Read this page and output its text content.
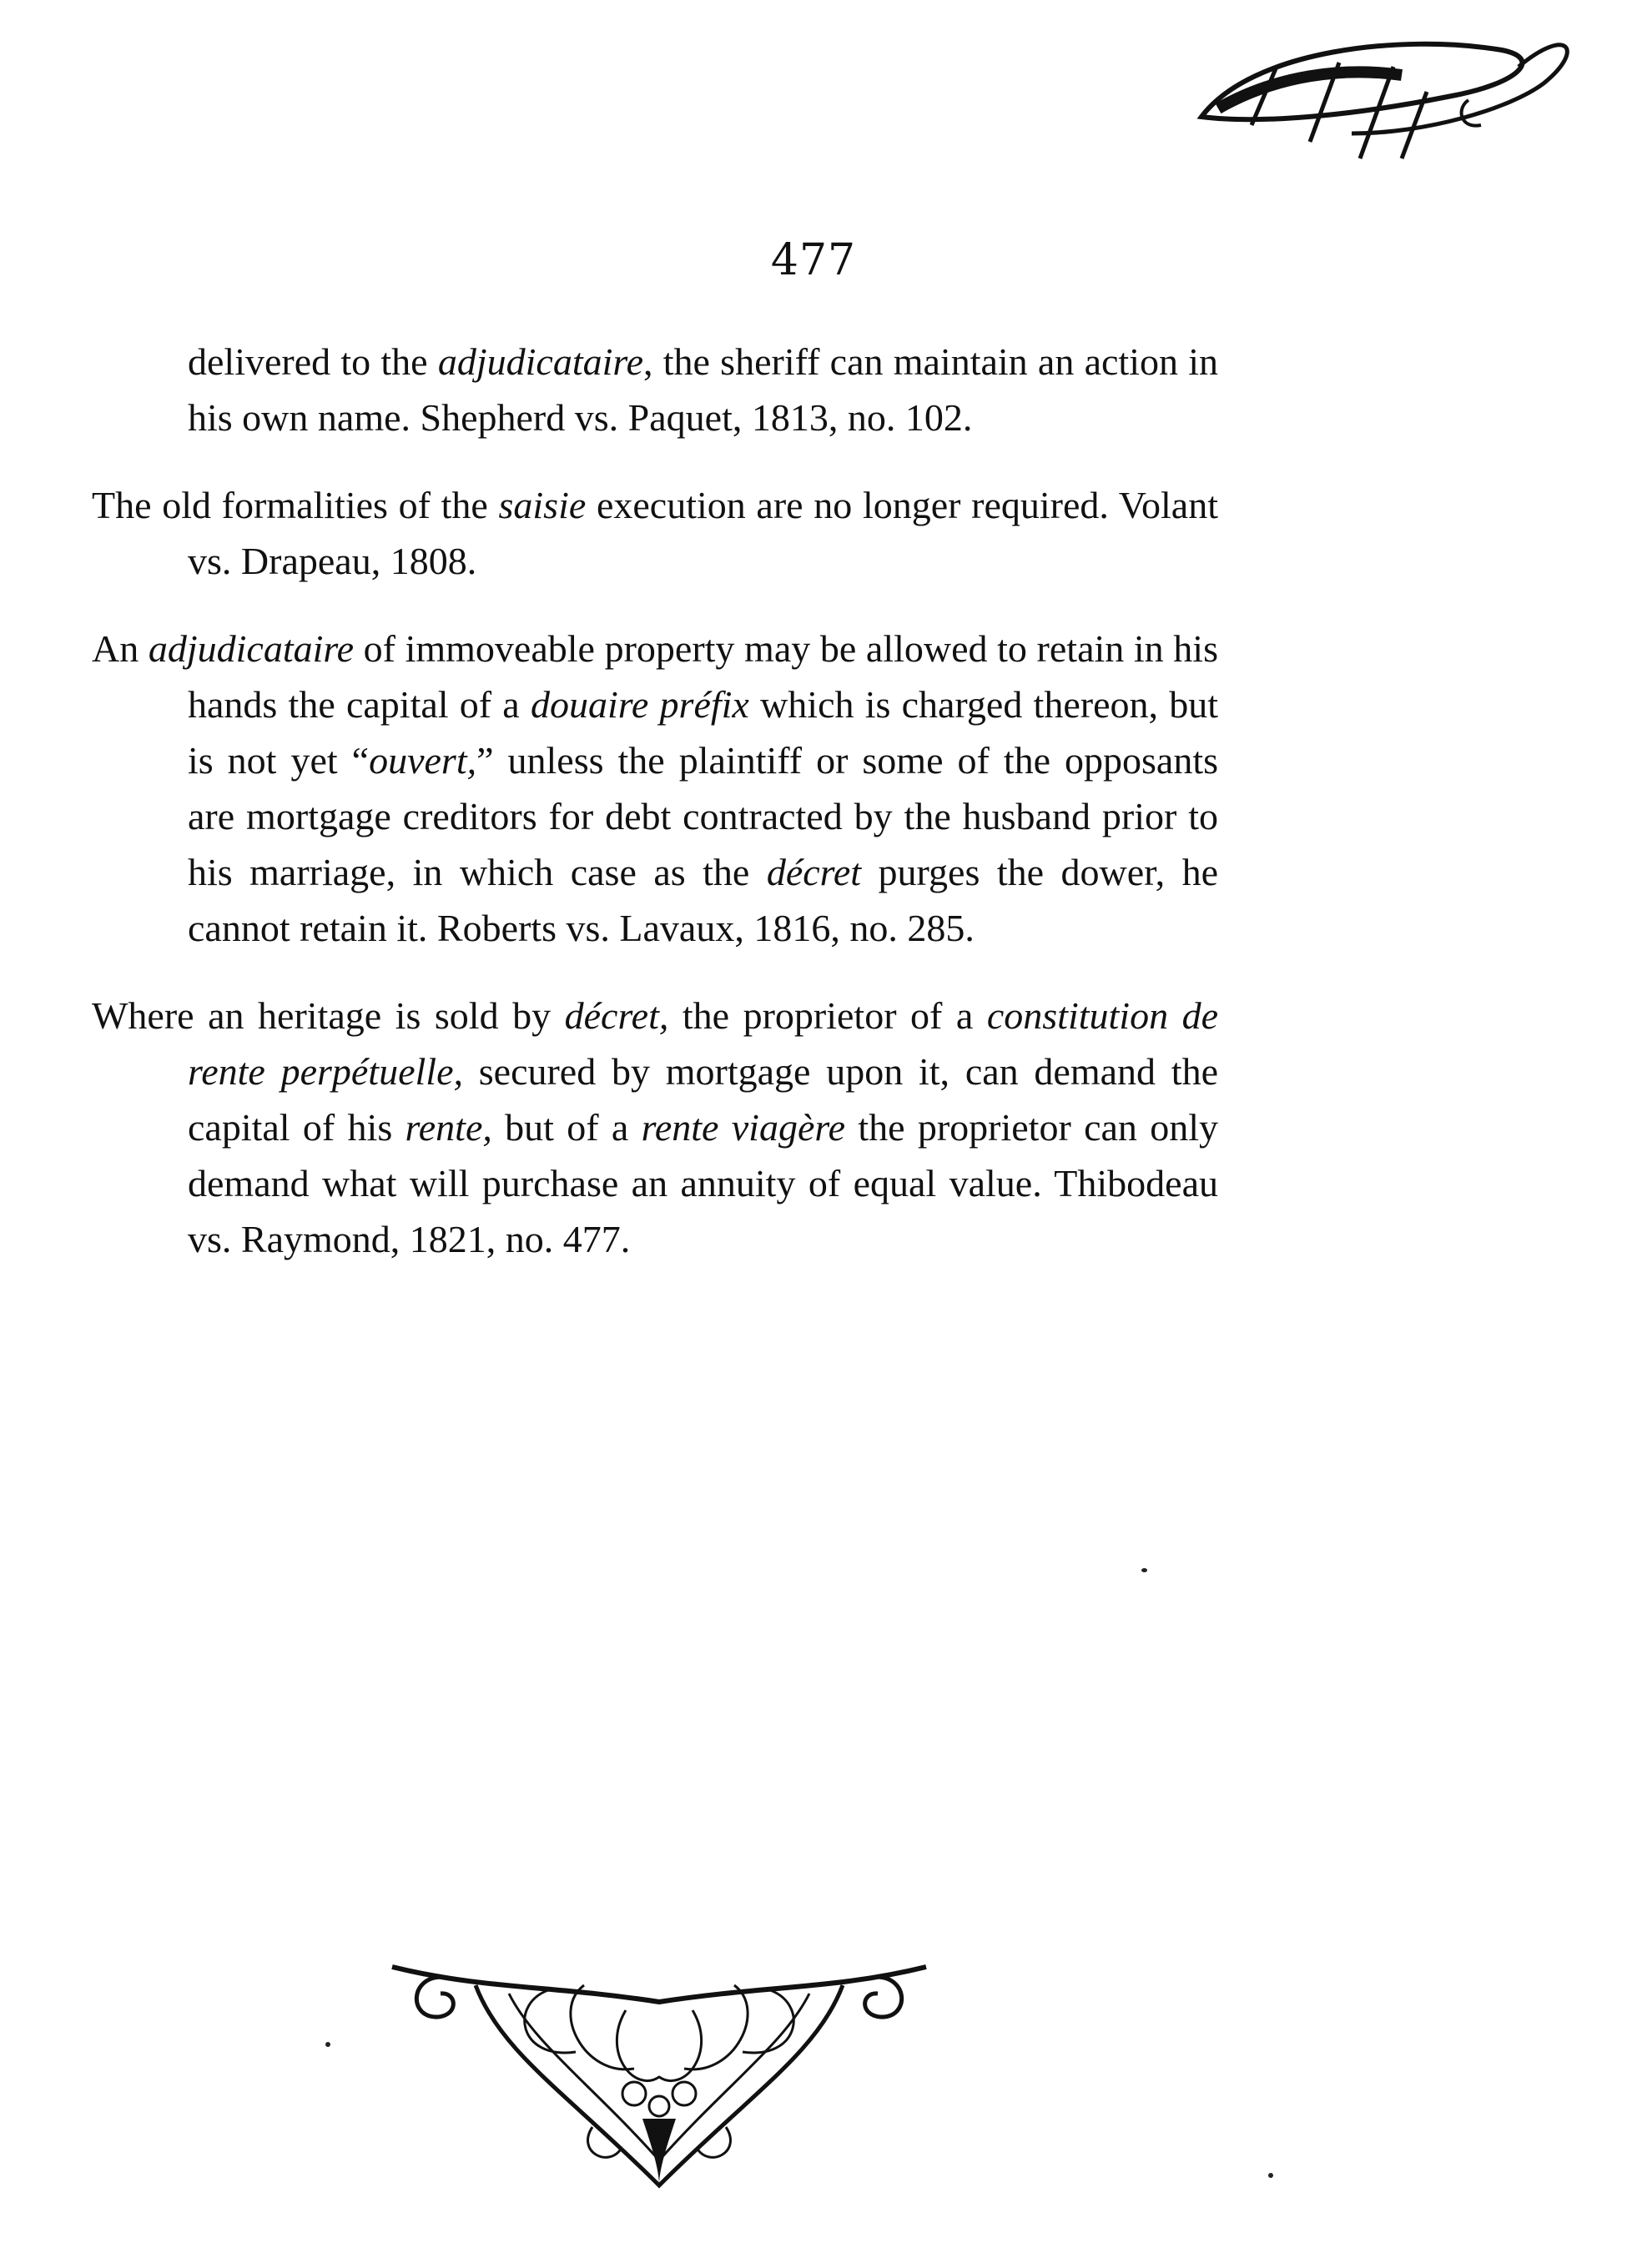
477

delivered to the adjudicataire, the sheriff can maintain an action in his own name. Shepherd vs. Paquet, 1813, no. 102.

The old formalities of the saisie execution are no longer required. Volant vs. Drapeau, 1808.

An adjudicataire of immoveable property may be allowed to retain in his hands the capital of a douaire préfix which is charged thereon, but is not yet “ouvert,” unless the plaintiff or some of the opposants are mortgage creditors for debt contracted by the husband prior to his marriage, in which case as the décret purges the dower, he cannot retain it. Roberts vs. Lavaux, 1816, no. 285.

Where an heritage is sold by décret, the proprietor of a constitution de rente perpétuelle, secured by mortgage upon it, can demand the capital of his rente, but of a rente viagère the proprietor can only demand what will purchase an annuity of equal value. Thibodeau vs. Raymond, 1821, no. 477.
